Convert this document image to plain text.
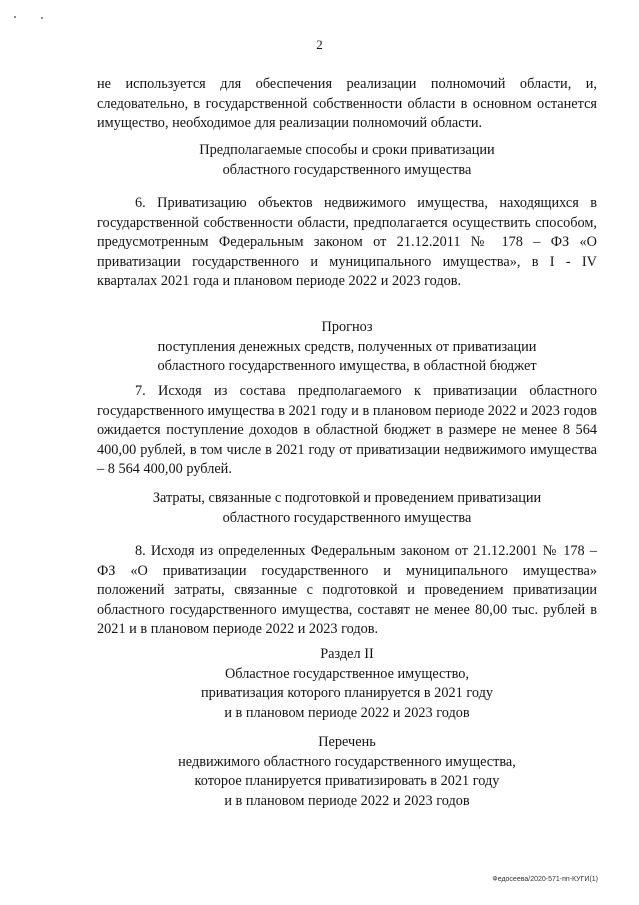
2

не используется для обеспечения реализации полномочий области, и, следовательно, в государственной собственности области в основном останется имущество, необходимое для реализации полномочий области.

Предполагаемые способы и сроки приватизации
областного государственного имущества

6. Приватизацию объектов недвижимого имущества, находящихся в государственной собственности области, предполагается осуществить способом, предусмотренным Федеральным законом от 21.12.2011 № 178 – ФЗ «О приватизации государственного и муниципального имущества», в I - IV кварталах 2021 года и плановом периоде 2022 и 2023 годов.

Прогноз
поступления денежных средств, полученных от приватизации
областного государственного имущества, в областной бюджет

7. Исходя из состава предполагаемого к приватизации областного государственного имущества в 2021 году и в плановом периоде 2022 и 2023 годов ожидается поступление доходов в областной бюджет в размере не менее 8 564 400,00 рублей, в том числе в 2021 году от приватизации недвижимого имущества – 8 564 400,00 рублей.

Затраты, связанные с подготовкой и проведением приватизации
областного государственного имущества

8. Исходя из определенных Федеральным законом от 21.12.2001 № 178 – ФЗ «О приватизации государственного и муниципального имущества» положений затраты, связанные с подготовкой и проведением приватизации областного государственного имущества, составят не менее 80,00 тыс. рублей в 2021 и в плановом периоде 2022 и 2023 годов.

Раздел II
Областное государственное имущество,
приватизация которого планируется в 2021 году
и в плановом периоде 2022 и 2023 годов
Перечень
недвижимого областного государственного имущества,
которое планируется приватизировать в 2021 году
и в плановом периоде 2022 и 2023 годов
Федосеева/2020-571-пп-КУГИ(1)
